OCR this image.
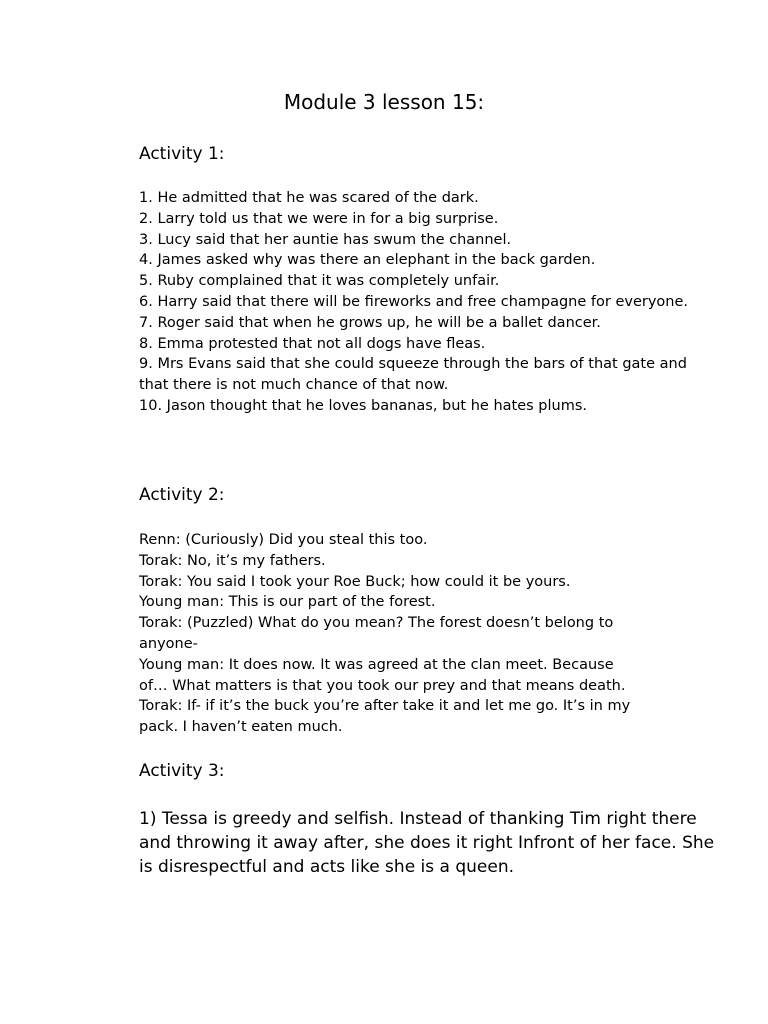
Module 3 lesson 15:
Activity 1:
1. He admitted that he was scared of the dark.
2. Larry told us that we were in for a big surprise.
3. Lucy said that her auntie has swum the channel.
4. James asked why was there an elephant in the back garden.
5. Ruby complained that it was completely unfair.
6. Harry said that there will be fireworks and free champagne for everyone.
7. Roger said that when he grows up, he will be a ballet dancer.
8. Emma protested that not all dogs have fleas.
9. Mrs Evans said that she could squeeze through the bars of that gate and that there is not much chance of that now.
10. Jason thought that he loves bananas, but he hates plums.
Activity 2:
Renn: (Curiously) Did you steal this too.
Torak: No, it’s my fathers.
Torak: You said I took your Roe Buck; how could it be yours.
Young man: This is our part of the forest.
Torak: (Puzzled) What do you mean? The forest doesn’t belong to anyone-
Young man: It does now. It was agreed at the clan meet. Because of… What matters is that you took our prey and that means death.
Torak: If- if it’s the buck you’re after take it and let me go. It’s in my pack. I haven’t eaten much.
Activity 3:

1) Tessa is greedy and selfish. Instead of thanking Tim right there and throwing it away after, she does it right Infront of her face. She is disrespectful and acts like she is a queen.
